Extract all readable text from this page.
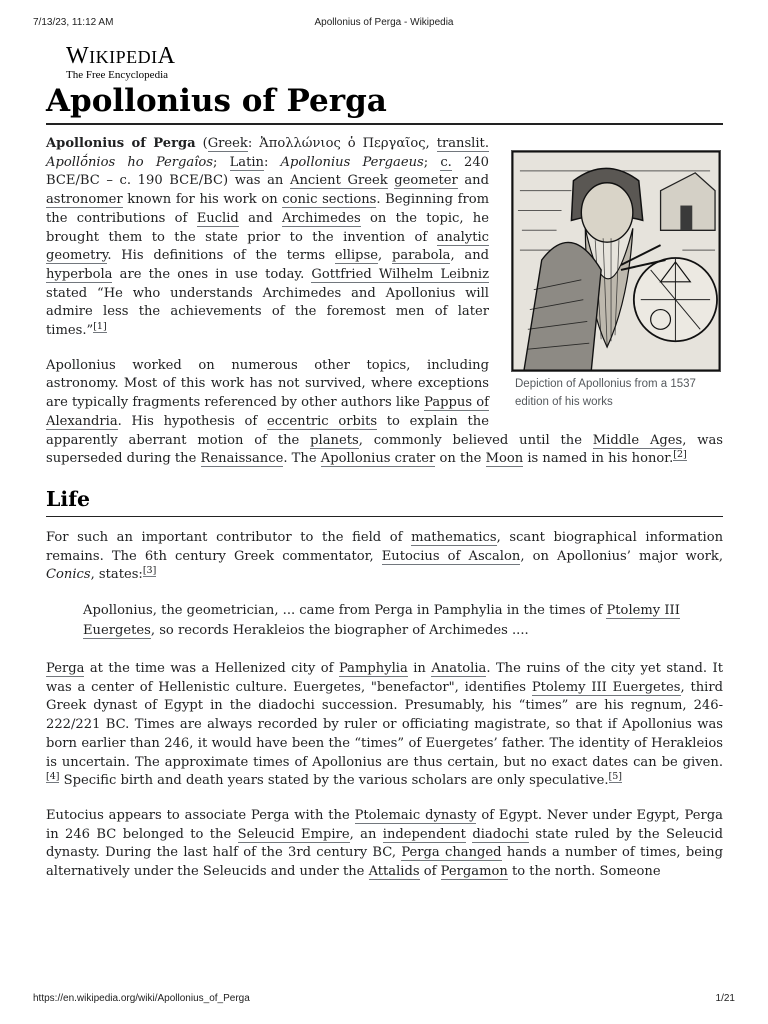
7/13/23, 11:12 AM	Apollonius of Perga - Wikipedia
WIKIPEDIA
The Free Encyclopedia
Apollonius of Perga
Depiction of Apollonius from a 1537 edition of his works

Apollonius of Perga (Greek: Ἀπολλώνιος ὁ Περγαῖος, translit. Apollṓnios ho Pergaîos; Latin: Apollonius Pergaeus; c. 240 BCE/BC – c. 190 BCE/BC) was an Ancient Greek geometer and astronomer known for his work on conic sections. Beginning from the contributions of Euclid and Archimedes on the topic, he brought them to the state prior to the invention of analytic geometry. His definitions of the terms ellipse, parabola, and hyperbola are the ones in use today. Gottfried Wilhelm Leibniz stated “He who understands Archimedes and Apollonius will admire less the achievements of the foremost men of later times.”[1]

Apollonius worked on numerous other topics, including astronomy. Most of this work has not survived, where exceptions are typically fragments referenced by other authors like Pappus of Alexandria. His hypothesis of eccentric orbits to explain the apparently aberrant motion of the planets, commonly believed until the Middle Ages, was superseded during the Renaissance. The Apollonius crater on the Moon is named in his honor.[2]

Life

For such an important contributor to the field of mathematics, scant biographical information remains. The 6th century Greek commentator, Eutocius of Ascalon, on Apollonius’ major work, Conics, states:[3]

Apollonius, the geometrician, ... came from Perga in Pamphylia in the times of Ptolemy III Euergetes, so records Herakleios the biographer of Archimedes ....

Perga at the time was a Hellenized city of Pamphylia in Anatolia. The ruins of the city yet stand. It was a center of Hellenistic culture. Euergetes, "benefactor", identifies Ptolemy III Euergetes, third Greek dynast of Egypt in the diadochi succession. Presumably, his “times” are his regnum, 246-222/221 BC. Times are always recorded by ruler or officiating magistrate, so that if Apollonius was born earlier than 246, it would have been the “times” of Euergetes’ father. The identity of Herakleios is uncertain. The approximate times of Apollonius are thus certain, but no exact dates can be given.[4] Specific birth and death years stated by the various scholars are only speculative.[5]

Eutocius appears to associate Perga with the Ptolemaic dynasty of Egypt. Never under Egypt, Perga in 246 BC belonged to the Seleucid Empire, an independent diadochi state ruled by the Seleucid dynasty. During the last half of the 3rd century BC, Perga changed hands a number of times, being alternatively under the Seleucids and under the Attalids of Pergamon to the north. Someone

https://en.wikipedia.org/wiki/Apollonius_of_Perga	1/21
